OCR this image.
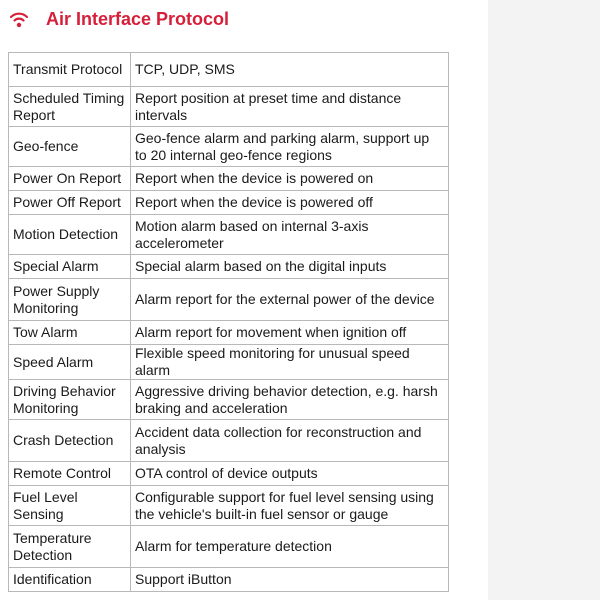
Air Interface Protocol
Transmit Protocol	TCP, UDP, SMS
Scheduled Timing Report	Report position at preset time and distance intervals
Geo-fence	Geo-fence alarm and parking alarm, support up to 20 internal geo-fence regions
Power On Report	Report when the device is powered on
Power Off Report	Report when the device is powered off
Motion Detection	Motion alarm based on internal 3-axis accelerometer
Special Alarm	Special alarm based on the digital inputs
Power Supply Monitoring	Alarm report for the external power of the device
Tow Alarm	Alarm report for movement when ignition off
Speed Alarm	Flexible speed monitoring for unusual speed alarm
Driving Behavior Monitoring	Aggressive driving behavior detection, e.g. harsh braking and acceleration
Crash Detection	Accident data collection for reconstruction and analysis
Remote Control	OTA control of device outputs
Fuel Level Sensing	Configurable support for fuel level sensing using the vehicle's built-in fuel sensor or gauge
Temperature Detection	Alarm for temperature detection
Identification	Support iButton
